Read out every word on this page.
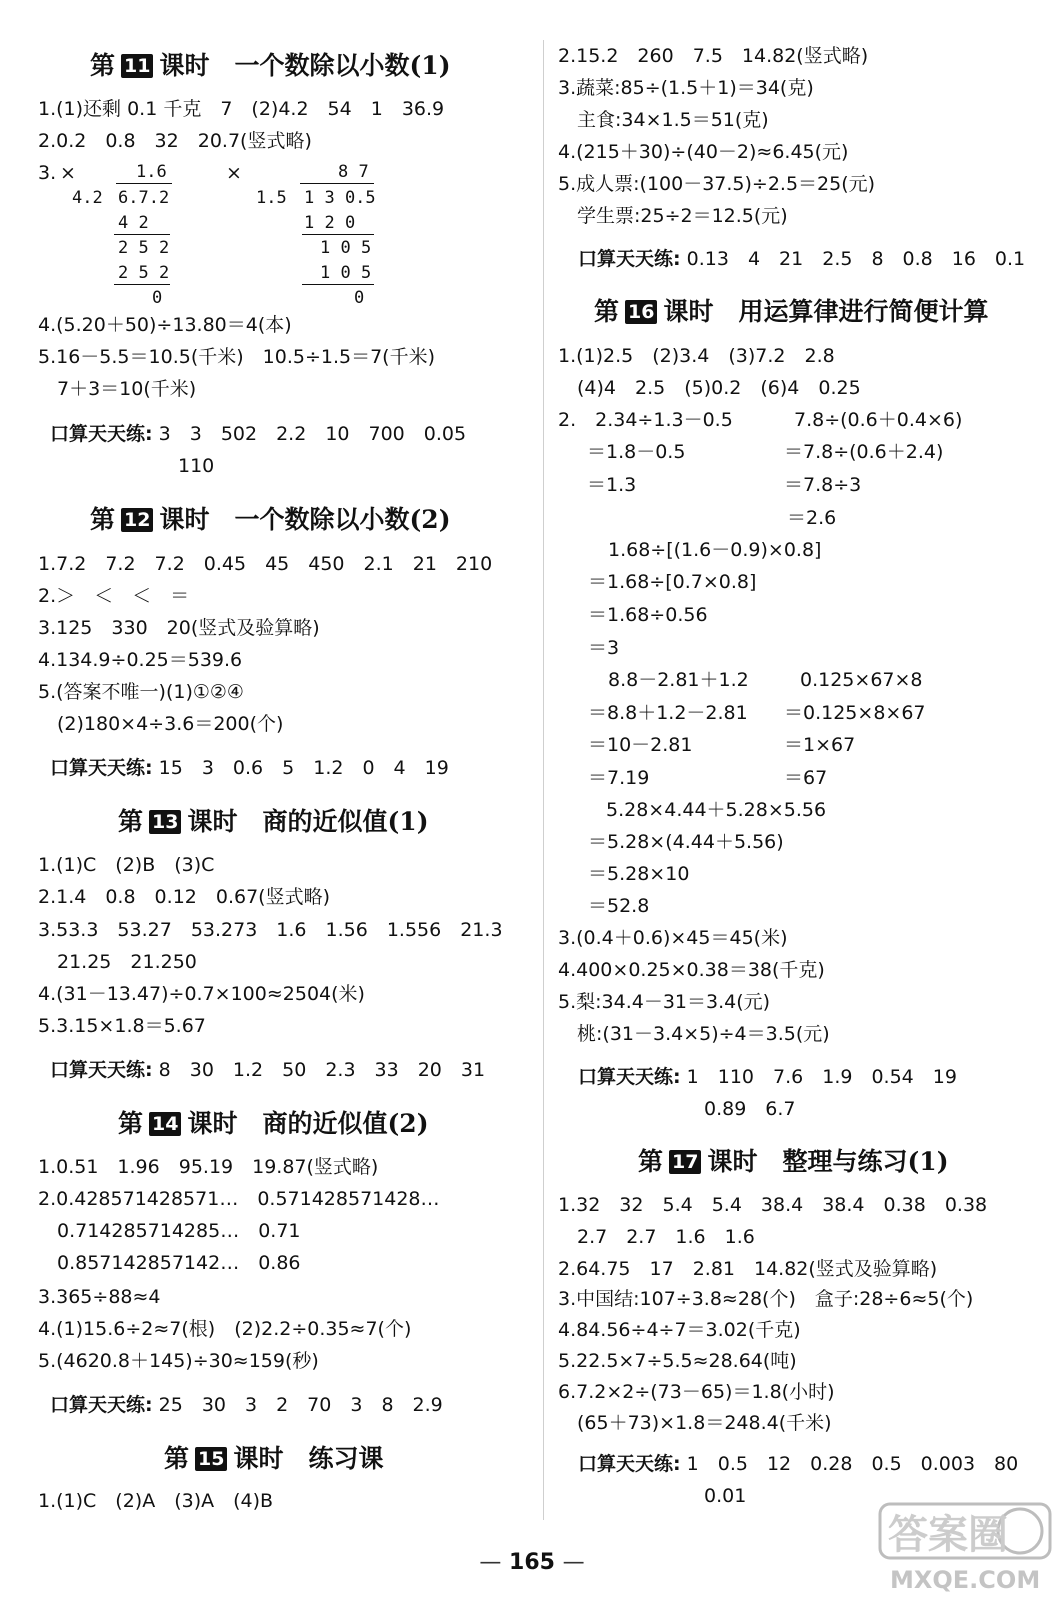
第 11 课时　一个数除以小数(1)
1.(1)还剩 0.1 千克　7　(2)4.2　54　1　36.9
2.0.2　0.8　32　20.7(竖式略)
3. ×	1.6
4.2 6.7.2
4 2
2 5 2
2 5 2
0
×	8 7
1.5 1 3 0.5
1 2 0
1 0 5
1 0 5
0
4.(5.20＋50)÷13.80＝4(本)
5.16－5.5＝10.5(千米)　10.5÷1.5＝7(千米)
　7＋3＝10(千米)
口算天天练: 3　3　502　2.2　10　700　0.05
110
第 12 课时　一个数除以小数(2)
1.7.2　7.2　7.2　0.45　45　450　2.1　21　210
2.＞　＜　＜　＝
3.125　330　20(竖式及验算略)
4.134.9÷0.25＝539.6
5.(答案不唯一)(1)①②④
　(2)180×4÷3.6＝200(个)
口算天天练: 15　3　0.6　5　1.2　0　4　19
第 13 课时　商的近似值(1)
1.(1)C　(2)B　(3)C
2.1.4　0.8　0.12　0.67(竖式略)
3.53.3　53.27　53.273　1.6　1.56　1.556　21.3
　21.25　21.250
4.(31－13.47)÷0.7×100≈2504(米)
5.3.15×1.8＝5.67
口算天天练: 8　30　1.2　50　2.3　33　20　31
第 14 课时　商的近似值(2)
1.0.51　1.96　95.19　19.87(竖式略)
2.0.428571428571…　0.571428571428…
　0.714285714285…　0.71
　0.857142857142…　0.86
3.365÷88≈4
4.(1)15.6÷2≈7(根)　(2)2.2÷0.35≈7(个)
5.(4620.8＋145)÷30≈159(秒)
口算天天练: 25　30　3　2　70　3　8　2.9
第 15 课时　练习课
1.(1)C　(2)A　(3)A　(4)B
2.15.2　260　7.5　14.82(竖式略)
3.蔬菜:85÷(1.5＋1)＝34(克)
　主食:34×1.5＝51(克)
4.(215＋30)÷(40－2)≈6.45(元)
5.成人票:(100－37.5)÷2.5＝25(元)
　学生票:25÷2＝12.5(元)
口算天天练: 0.13　4　21　2.5　8　0.8　16　0.1
第 16 课时　用运算律进行简便计算
1.(1)2.5　(2)3.4　(3)7.2　2.8
　(4)4　2.5　(5)0.2　(6)4　0.25
2.　2.34÷1.3－0.5
　＝1.8－0.5
　＝1.3
7.8÷(0.6＋0.4×6)
＝7.8÷(0.6＋2.4)
＝7.8÷3
　＝2.6
1.68÷[(1.6－0.9)×0.8]
＝1.68÷[0.7×0.8]
＝1.68÷0.56
＝3
8.8－2.81＋1.2
＝8.8＋1.2－2.81
＝10－2.81
＝7.19
0.125×67×8
＝0.125×8×67
＝1×67
＝67
5.28×4.44＋5.28×5.56
＝5.28×(4.44＋5.56)
＝5.28×10
＝52.8
3.(0.4＋0.6)×45＝45(米)
4.400×0.25×0.38＝38(千克)
5.梨:34.4－31＝3.4(元)
　桃:(31－3.4×5)÷4＝3.5(元)
口算天天练: 1　110　7.6　1.9　0.54　19
0.89　6.7
第 17 课时　整理与练习(1)
1.32　32　5.4　5.4　38.4　38.4　0.38　0.38
　2.7　2.7　1.6　1.6
2.64.75　17　2.81　14.82(竖式及验算略)
3.中国结:107÷3.8≈28(个)　盒子:28÷6≈5(个)
4.84.56÷4÷7＝3.02(千克)
5.22.5×7÷5.5≈28.64(吨)
6.7.2×2÷(73－65)＝1.8(小时)
　(65＋73)×1.8＝248.4(千米)
口算天天练: 1　0.5　12　0.28　0.5　0.003　80
0.01
— 165 —
答案圈
MXQE.COM
